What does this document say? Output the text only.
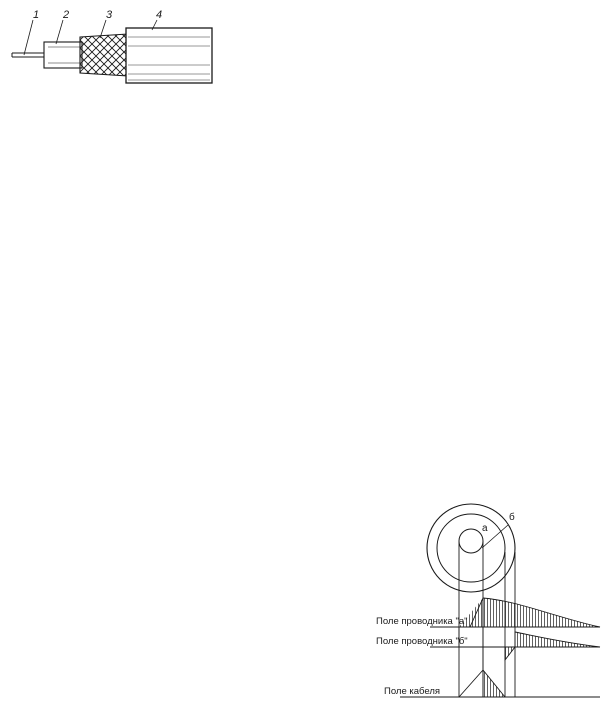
1 2	3	4
а
б
Поле проводника "а"
Поле проводника "б"
Поле кабеля
